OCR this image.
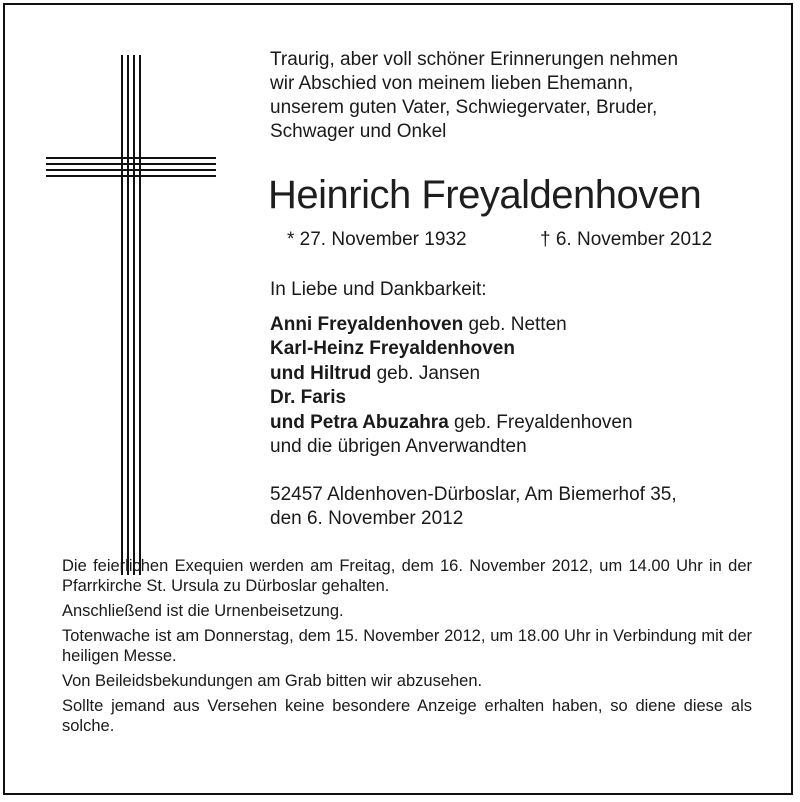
Traurig, aber voll schöner Erinnerungen nehmen
wir Abschied von meinem lieben Ehemann,
unserem guten Vater, Schwiegervater, Bruder,
Schwager und Onkel
Heinrich Freyaldenhoven
* 27. November 1932	† 6. November 2012
In Liebe und Dankbarkeit:
Anni Freyaldenhoven geb. Netten
Karl-Heinz Freyaldenhoven
und Hiltrud geb. Jansen
Dr. Faris
und Petra Abuzahra geb. Freyaldenhoven
und die übrigen Anverwandten
52457 Aldenhoven-Dürboslar, Am Biemerhof 35,
den 6. November 2012

Die feierlichen Exequien werden am Freitag, dem 16. November 2012, um 14.00 Uhr in der Pfarrkirche St. Ursula zu Dürboslar gehalten.

Anschließend ist die Urnenbeisetzung.

Totenwache ist am Donnerstag, dem 15. November 2012, um 18.00 Uhr in Verbindung mit der heiligen Messe.

Von Beileidsbekundungen am Grab bitten wir abzusehen.

Sollte jemand aus Versehen keine besondere Anzeige erhalten haben, so diene diese als solche.
